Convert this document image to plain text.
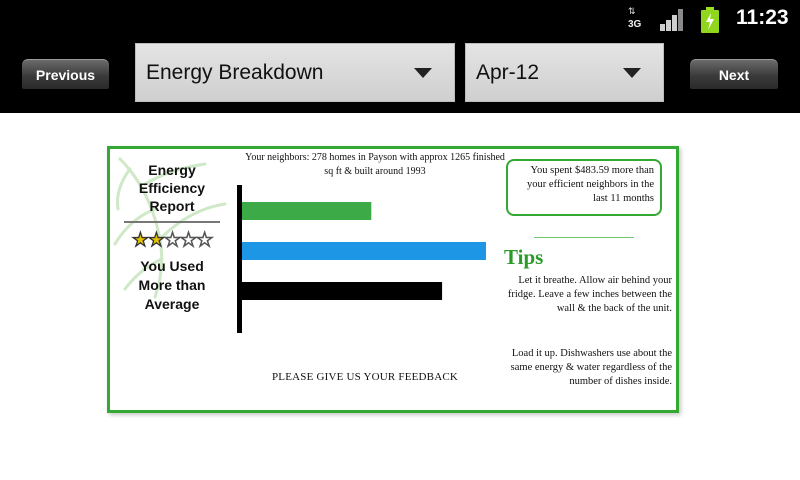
⇅
3G	11:23
Previous	Energy Breakdown	Apr-12	Next
Energy Efficiency Report
★★★★★
You Used More than Average
Your neighbors: 278 homes in Payson with approx 1265 finished sq ft & built around 1993	You spent $483.59 more than your efficient neighbors in the last 11 months
Tips
Let it breathe. Allow air behind your fridge. Leave a few inches between the wall & the back of the unit.
Load it up. Dishwashers use about the same energy & water regardless of the number of dishes inside.
PLEASE GIVE US YOUR FEEDBACK
